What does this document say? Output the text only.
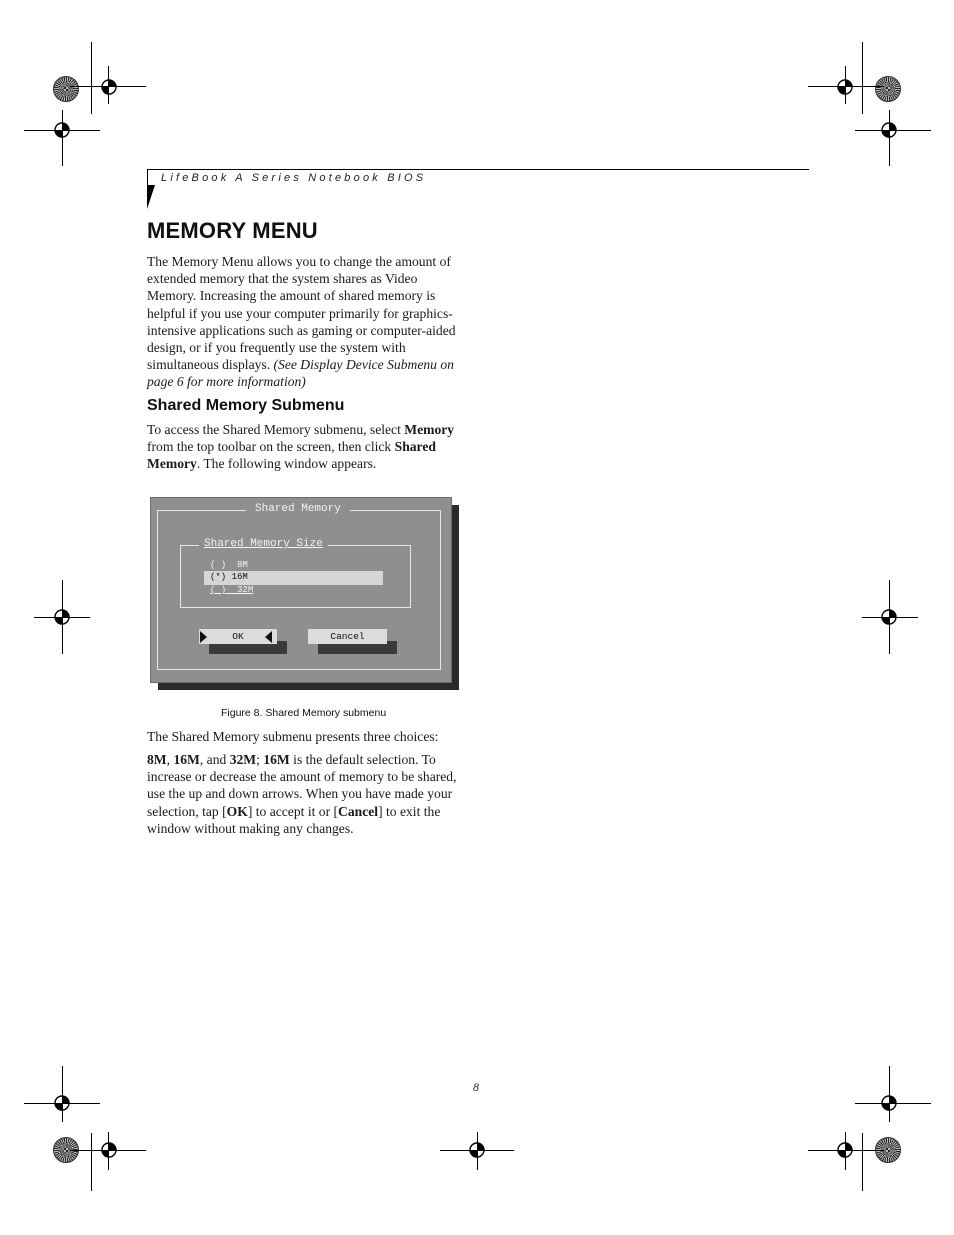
LifeBook A Series Notebook BIOS
MEMORY MENU
The Memory Menu allows you to change the amount of extended memory that the system shares as Video Memory. Increasing the amount of shared memory is helpful if you use your computer primarily for graphics-intensive applications such as gaming or computer-aided design, or if you frequently use the system with simultaneous displays. (See Display Device Submenu on page 6 for more information)
Shared Memory Submenu
To access the Shared Memory submenu, select Memory from the top toolbar on the screen, then click Shared Memory. The following window appears.
Shared Memory
Shared Memory Size
( ) 8M
(*) 16M
( ) 32M
OK	Cancel
Figure 8. Shared Memory submenu
The Shared Memory submenu presents three choices:
8M, 16M, and 32M; 16M is the default selection. To increase or decrease the amount of memory to be shared, use the up and down arrows. When you have made your selection, tap [OK] to accept it or [Cancel] to exit the window without making any changes.
8
